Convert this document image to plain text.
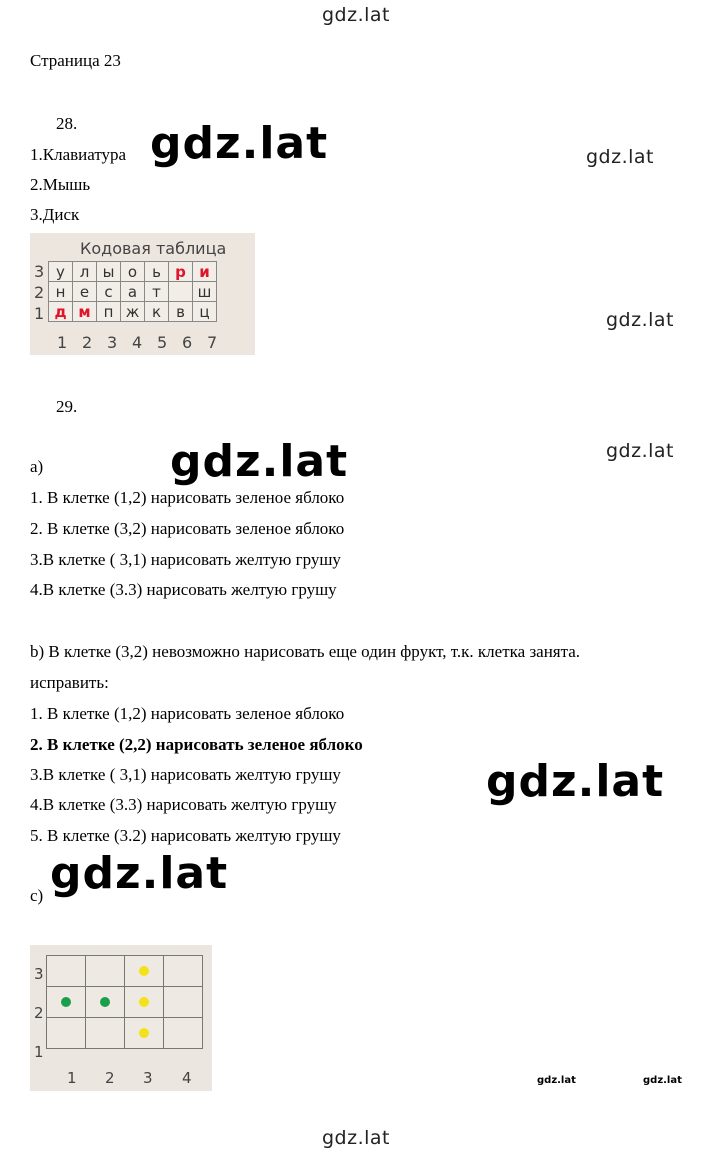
gdz.lat
gdz.lat
gdz.lat
gdz.lat
gdz.lat
gdz.lat
gdz.lat
gdz.lat
gdz.lat
gdz.lat	gdz.lat
Страница 23
28.
1.Клавиатура
2.Мышь
3.Диск
Кодовая таблица
3
2
1
у	л	ы	о	ь	р	и
н	е	с	а	т		ш
д	м	п	ж	к	в	ц
1 2 3 4 5 6 7
29.
a)
1. В клетке (1,2) нарисовать зеленое яблоко
2. В клетке (3,2) нарисовать зеленое яблоко
3.В клетке ( 3,1) нарисовать желтую грушу
4.В клетке (3.3) нарисовать желтую грушу
b) В клетке (3,2) невозможно нарисовать еще один фрукт, т.к. клетка занята.
исправить:
1. В клетке (1,2) нарисовать зеленое яблоко
2. В клетке (2,2) нарисовать зеленое яблоко
3.В клетке ( 3,1) нарисовать желтую грушу
4.В клетке (3.3) нарисовать желтую грушу
5. В клетке (3.2) нарисовать желтую грушу
c)
3
2
1

1 2 3 4
